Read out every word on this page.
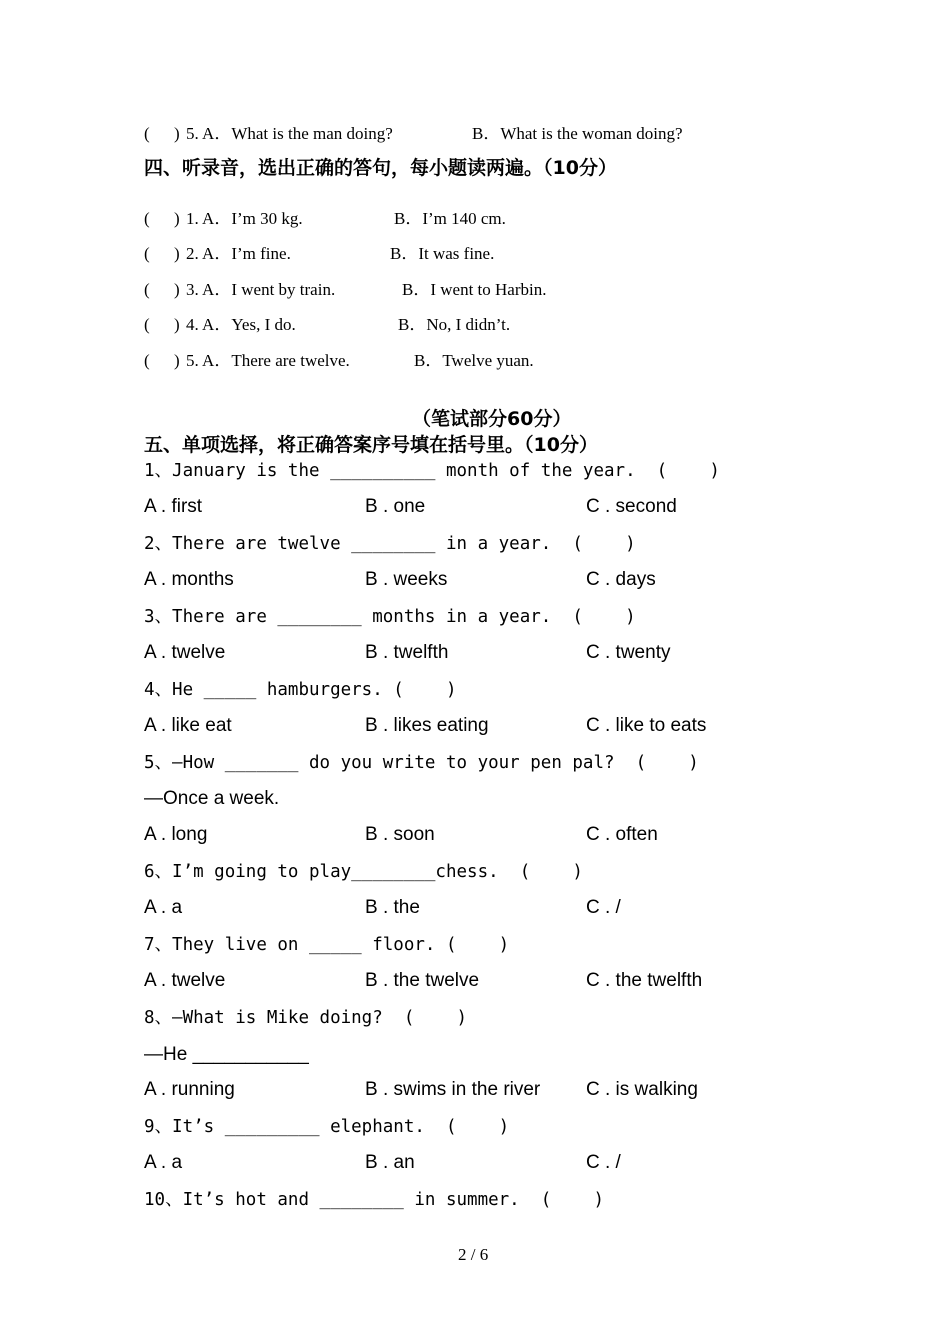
( ) 5. A．What is the man doing?	B．What is the woman doing?
四、听录音，选出正确的答句，每小题读两遍。（10分）
( ) 1. A．I’m 30 kg.	B．I’m 140 cm.
( ) 2. A．I’m fine.	B．It was fine.
( ) 3. A．I went by train.	B．I went to Harbin.
( ) 4. A．Yes, I do.	B．No, I didn’t.
( ) 5. A．There are twelve.	B．Twelve yuan.
（笔试部分60分）
五、单项选择，将正确答案序号填在括号里。（10分）
1、January is the __________ month of the year.  (    )
A . first	B . one	C . second
2、There are twelve ________ in a year.  (    )
A . months	B . weeks	C . days
3、There are ________ months in a year.  (    )
A . twelve	B . twelfth	C . twenty
4、He _____ hamburgers. (    )
A . like eat	B . likes eating	C . like to eats
5、—How _______ do you write to your pen pal?  (    )
—Once a week.
A . long	B . soon	C . often
6、I’m going to play________chess.  (    )
A . a	B . the	C . /
7、They live on _____ floor. (    )
A . twelve	B . the twelve	C . the twelfth
8、—What is Mike doing?  (    )
—He ___________
A . running	B . swims in the river C . is walking
9、It’s _________ elephant.  (    )
A . a	B . an	C . /
10、It’s hot and ________ in summer.  (    )
2 / 6
